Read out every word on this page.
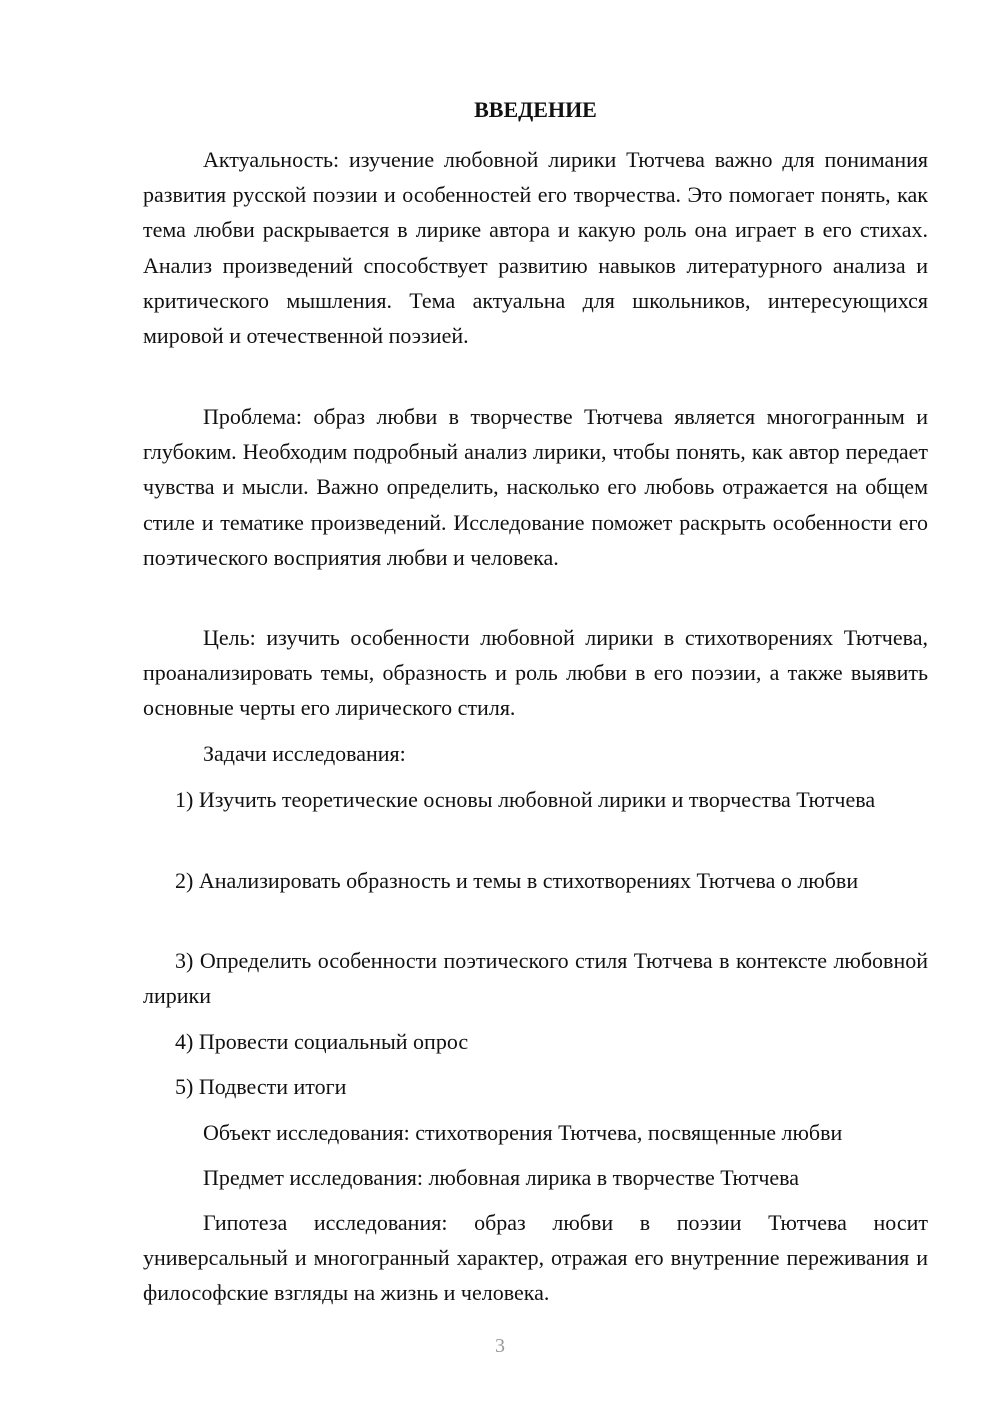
ВВЕДЕНИЕ

Актуальность: изучение любовной лирики Тютчева важно для понимания развития русской поэзии и особенностей его творчества. Это помогает понять, как тема любви раскрывается в лирике автора и какую роль она играет в его стихах. Анализ произведений способствует развитию навыков литературного анализа и критического мышления. Тема актуальна для школьников, интересующихся мировой и отечественной поэзией.

Проблема: образ любви в творчестве Тютчева является многогранным и глубоким. Необходим подробный анализ лирики, чтобы понять, как автор передает чувства и мысли. Важно определить, насколько его любовь отражается на общем стиле и тематике произведений. Исследование поможет раскрыть особенности его поэтического восприятия любви и человека.

Цель: изучить особенности любовной лирики в стихотворениях Тютчева, проанализировать темы, образность и роль любви в его поэзии, а также выявить основные черты его лирического стиля.

Задачи исследования:

1) Изучить теоретические основы любовной лирики и творчества Тютчева

2) Анализировать образность и темы в стихотворениях Тютчева о любви

3) Определить особенности поэтического стиля Тютчева в контексте любовной лирики

4) Провести социальный опрос

5) Подвести итоги

Объект исследования: стихотворения Тютчева, посвященные любви

Предмет исследования: любовная лирика в творчестве Тютчева

Гипотеза исследования: образ любви в поэзии Тютчева носит универсальный и многогранный характер, отражая его внутренние переживания и философские взгляды на жизнь и человека.

3
